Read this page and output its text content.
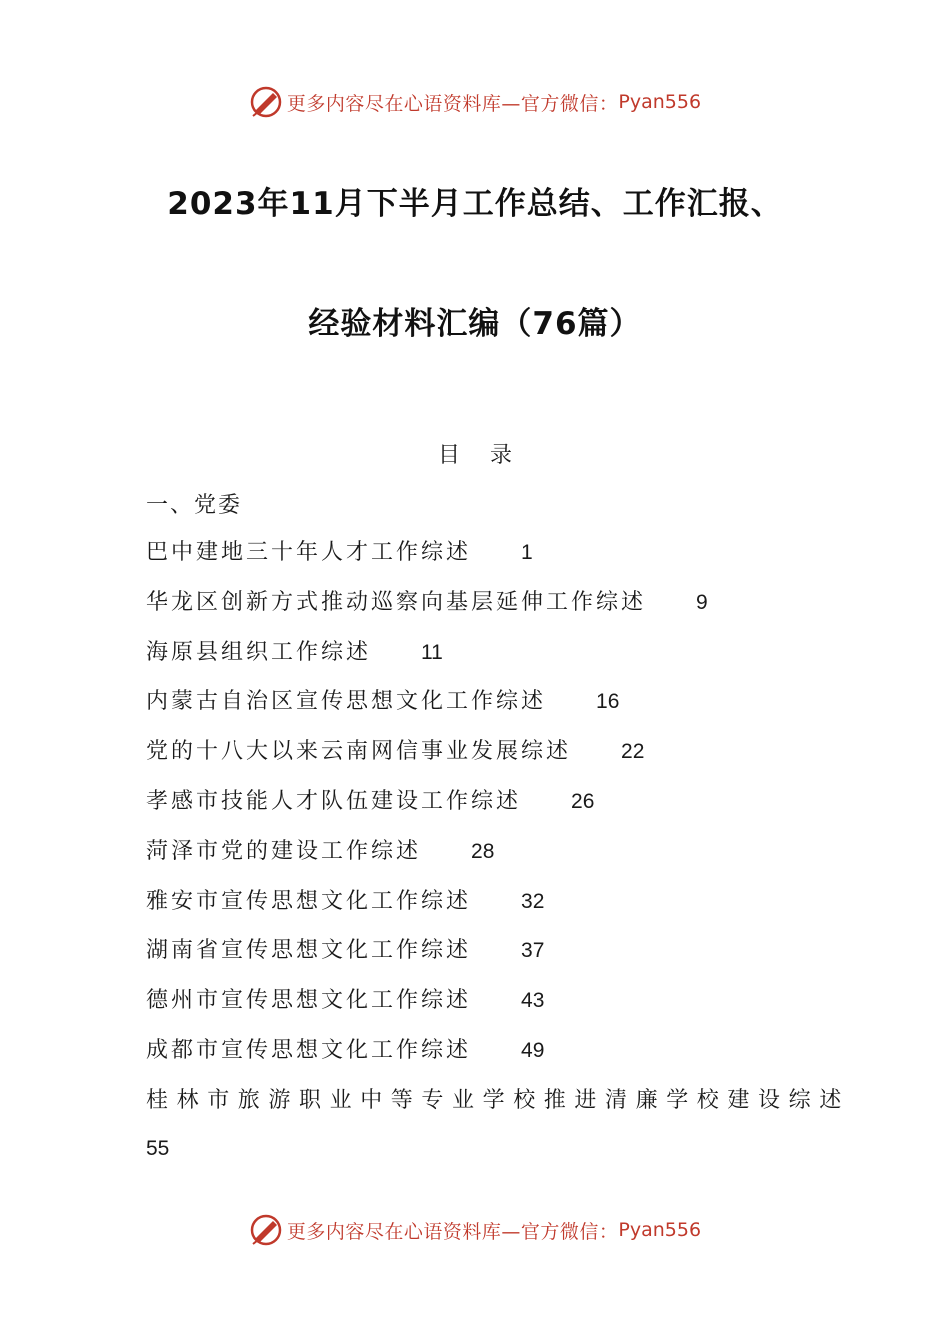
更多内容尽在心语资料库—官方微信： Pyan556
2023年11月下半月工作总结、工作汇报、
经验材料汇编（76篇）
目录
一、党委
巴中建地三十年人才工作综述 1
华龙区创新方式推动巡察向基层延伸工作综述 9
海原县组织工作综述 11
内蒙古自治区宣传思想文化工作综述 16
党的十八大以来云南网信事业发展综述 22
孝感市技能人才队伍建设工作综述 26
菏泽市党的建设工作综述 28
雅安市宣传思想文化工作综述 32
湖南省宣传思想文化工作综述 37
德州市宣传思想文化工作综述 43
成都市宣传思想文化工作综述 49
桂林市旅游职业中等专业学校推进清廉学校建设综述
55
更多内容尽在心语资料库—官方微信： Pyan556
